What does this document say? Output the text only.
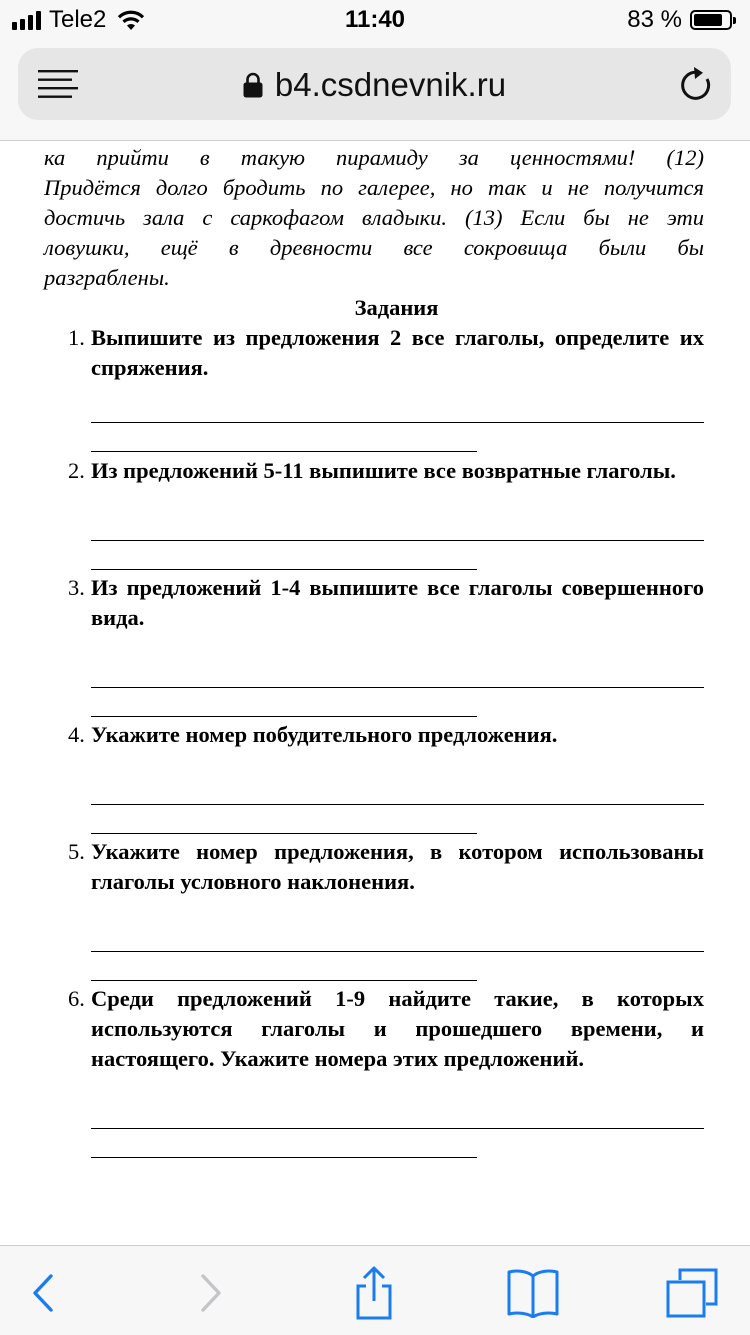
Tele2	11:40	83 %
b4.csdnevnik.ru
ка прийти в такую пирамиду за ценностями! (12)
Придётся долго бродить по галерее, но так и не получится
достичь зала с саркофагом владыки. (13) Если бы не эти
ловушки, ещё в древности все сокровища были бы
разграблены.
Задания
1. Выпишите из предложения 2 все глаголы, определите их спряжения.

2. Из предложений 5-11 выпишите все возвратные глаголы.

3. Из предложений 1-4 выпишите все глаголы совершенного вида.

4. Укажите номер побудительного предложения.

5. Укажите номер предложения, в котором использованы глаголы условного наклонения.

6. Среди предложений 1-9 найдите такие, в которых используются глаголы и прошедшего времени, и настоящего. Укажите номера этих предложений.
